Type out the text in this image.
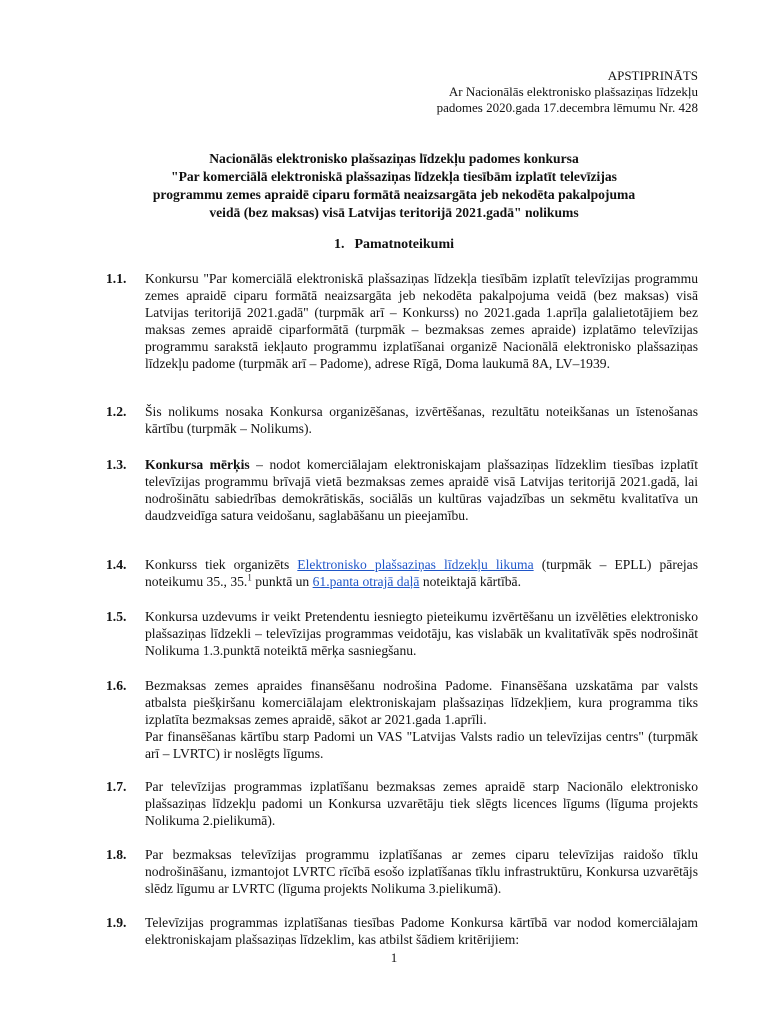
APSTIPRINĀTS
Ar Nacionālās elektronisko plašsaziņas līdzekļu
padomes 2020.gada 17.decembra lēmumu Nr. 428
Nacionālās elektronisko plašsaziņas līdzekļu padomes konkursa
"Par komerciālā elektroniskā plašsaziņas līdzekļa tiesībām izplatīt televīzijas
programmu zemes apraidē ciparu formātā neaizsargāta jeb nekodēta pakalpojuma
veidā (bez maksas) visā Latvijas teritorijā 2021.gadā" nolikums
1. Pamatnoteikumi
1.1. Konkursu "Par komerciālā elektroniskā plašsaziņas līdzekļa tiesībām izplatīt televīzijas programmu zemes apraidē ciparu formātā neaizsargāta jeb nekodēta pakalpojuma veidā (bez maksas) visā Latvijas teritorijā 2021.gadā" (turpmāk arī – Konkurss) no 2021.gada 1.aprīļa galalietotājiem bez maksas zemes apraidē ciparformātā (turpmāk – bezmaksas zemes apraide) izplatāmo televīzijas programmu sarakstā iekļauto programmu izplatīšanai organizē Nacionālā elektronisko plašsaziņas līdzekļu padome (turpmāk arī – Padome), adrese Rīgā, Doma laukumā 8A, LV–1939.
1.2. Šis nolikums nosaka Konkursa organizēšanas, izvērtēšanas, rezultātu noteikšanas un īstenošanas kārtību (turpmāk – Nolikums).
1.3. Konkursa mērķis – nodot komerciālajam elektroniskajam plašsaziņas līdzeklim tiesības izplatīt televīzijas programmu brīvajā vietā bezmaksas zemes apraidē visā Latvijas teritorijā 2021.gadā, lai nodrošinātu sabiedrības demokrātiskās, sociālās un kultūras vajadzības un sekmētu kvalitatīva un daudzveidīga satura veidošanu, saglabāšanu un pieejamību.
1.4. Konkurss tiek organizēts Elektronisko plašsaziņas līdzekļu likuma (turpmāk – EPLL) pārejas noteikumu 35., 35.$^1$ punktā un 61.panta otrajā daļā noteiktajā kārtībā.
1.5. Konkursa uzdevums ir veikt Pretendentu iesniegto pieteikumu izvērtēšanu un izvēlēties elektronisko plašsaziņas līdzekli – televīzijas programmas veidotāju, kas vislabāk un kvalitatīvāk spēs nodrošināt Nolikuma 1.3.punktā noteiktā mērķa sasniegšanu.
1.6. Bezmaksas zemes apraides finansēšanu nodrošina Padome. Finansēšana uzskatāma par valsts atbalsta piešķiršanu komerciālajam elektroniskajam plašsaziņas līdzekļiem, kura programma tiks izplatīta bezmaksas zemes apraidē, sākot ar 2021.gada 1.aprīli.

Par finansēšanas kārtību starp Padomi un VAS "Latvijas Valsts radio un televīzijas centrs" (turpmāk arī – LVRTC) ir noslēgts līgums.

1.7. Par televīzijas programmas izplatīšanu bezmaksas zemes apraidē starp Nacionālo elektronisko plašsaziņas līdzekļu padomi un Konkursa uzvarētāju tiek slēgts licences līgums (līguma projekts Nolikuma 2.pielikumā).
1.8. Par bezmaksas televīzijas programmu izplatīšanas ar zemes ciparu televīzijas raidošo tīklu nodrošināšanu, izmantojot LVRTC rīcībā esošo izplatīšanas tīklu infrastruktūru, Konkursa uzvarētājs slēdz līgumu ar LVRTC (līguma projekts Nolikuma 3.pielikumā).
1.9. Televīzijas programmas izplatīšanas tiesības Padome Konkursa kārtībā var nodod komerciālajam elektroniskajam plašsaziņas līdzeklim, kas atbilst šādiem kritērijiem:
1
